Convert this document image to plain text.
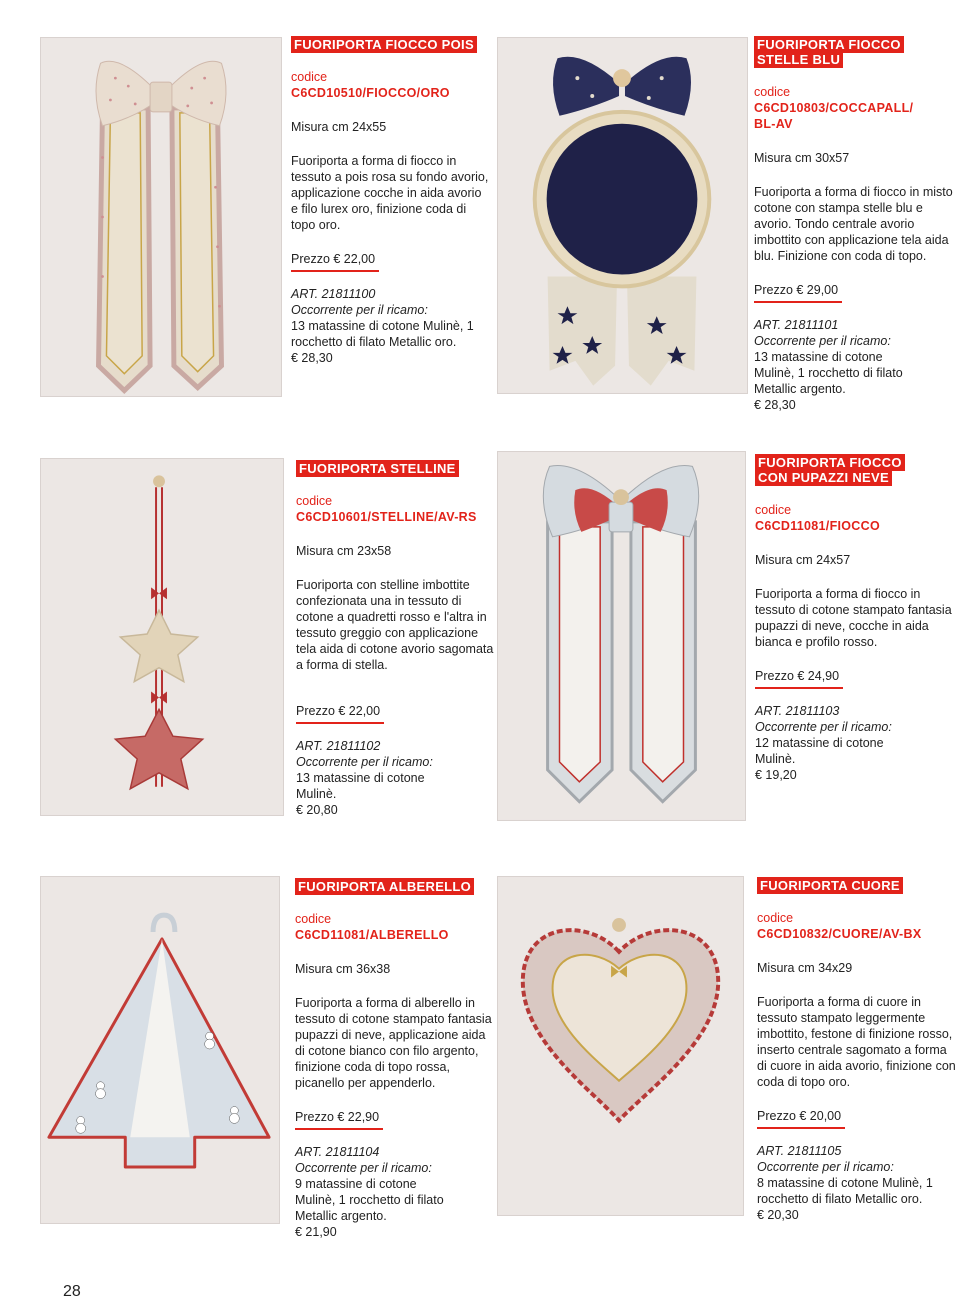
FUORIPORTA FIOCCO POIS
codice
C6CD10510/FIOCCO/ORO
Misura cm 24x55
Fuoriporta a forma di fiocco in tessuto a pois rosa su fondo avorio, applicazione cocche in aida avorio e filo lurex oro, finizione coda di topo oro.
Prezzo € 22,00
ART. 21811100
Occorrente per il ricamo:
13 matassine di cotone Mulinè, 1 rocchetto di filato Metallic oro.
€ 28,30
FUORIPORTA FIOCCO STELLE BLU
codice
C6CD10803/COCCAPALL/ BL-AV
Misura cm 30x57
Fuoriporta a forma di fiocco in misto cotone con stampa stelle blu e avorio. Tondo centrale avorio imbottito con applicazione tela aida blu. Finizione con coda di topo.
Prezzo € 29,00
ART. 21811101
Occorrente per il ricamo:
13 matassine di cotone Mulinè, 1 rocchetto di filato Metallic argento.
€ 28,30
FUORIPORTA STELLINE
codice
C6CD10601/STELLINE/AV-RS
Misura cm 23x58
Fuoriporta con stelline imbottite confezionata una in tessuto di cotone a quadretti rosso e l'altra in tessuto greggio con applicazione tela aida di cotone avorio sagomata a forma di stella.
Prezzo € 22,00
ART. 21811102
Occorrente per il ricamo:
13 matassine di cotone Mulinè.
€ 20,80
FUORIPORTA FIOCCO CON PUPAZZI NEVE
codice
C6CD11081/FIOCCO
Misura cm 24x57
Fuoriporta a forma di fiocco in tessuto di cotone stampato fantasia pupazzi di neve, cocche in aida bianca e profilo rosso.
Prezzo € 24,90
ART. 21811103
Occorrente per il ricamo:
12 matassine di cotone Mulinè.
€ 19,20
FUORIPORTA ALBERELLO
codice
C6CD11081/ALBERELLO
Misura cm 36x38
Fuoriporta a forma di alberello in tessuto di cotone stampato fantasia pupazzi di neve, applicazione aida di cotone bianco con filo argento, finizione coda di topo rossa, picanello per appenderlo.
Prezzo € 22,90
ART. 21811104
Occorrente per il ricamo:
9 matassine di cotone Mulinè, 1 rocchetto di filato Metallic argento.
€ 21,90
FUORIPORTA CUORE
codice
C6CD10832/CUORE/AV-BX
Misura cm 34x29
Fuoriporta a forma di cuore in tessuto stampato leggermente imbottito, festone di finizione rosso, inserto centrale sagomato a forma di cuore in aida avorio, finizione con coda di topo oro.
Prezzo € 20,00
ART. 21811105
Occorrente per il ricamo:
8 matassine di cotone Mulinè, 1 rocchetto di filato Metallic oro.
€ 20,30
28
